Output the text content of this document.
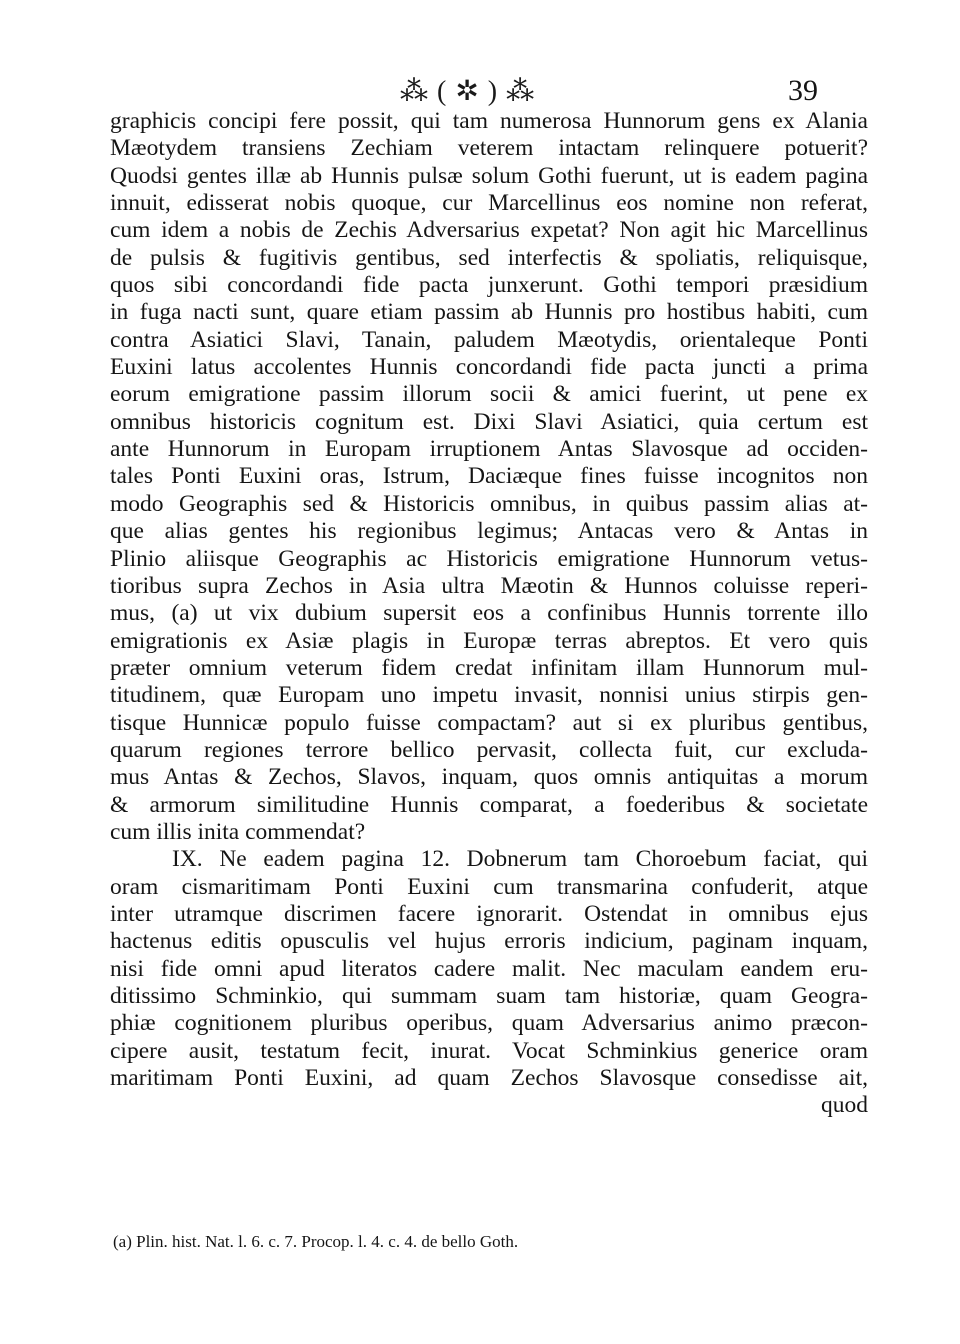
⁂ ( ✲ ) ⁂	39
graphicis concipi fere possit, qui tam numerosa Hunnorum gens ex Alania
Mæotydem transiens Zechiam veterem intactam relinquere potuerit?
Quodsi gentes illæ ab Hunnis pulsæ solum Gothi fuerunt, ut is eadem pagina
innuit, edisserat nobis quoque, cur Marcellinus eos nomine non referat,
cum idem a nobis de Zechis Adversarius expetat? Non agit hic Marcellinus
de pulsis & fugitivis gentibus, sed interfectis & spoliatis, reliquisque,
quos sibi concordandi fide pacta junxerunt. Gothi tempori præsidium
in fuga nacti sunt, quare etiam passim ab Hunnis pro hostibus habiti, cum
contra Asiatici Slavi, Tanain, paludem Mæotydis, orientaleque Ponti
Euxini latus accolentes Hunnis concordandi fide pacta juncti a prima
eorum emigratione passim illorum socii & amici fuerint, ut pene ex
omnibus historicis cognitum est. Dixi Slavi Asiatici, quia certum est
ante Hunnorum in Europam irruptionem Antas Slavosque ad occiden-
tales Ponti Euxini oras, Istrum, Daciæque fines fuisse incognitos non
modo Geographis sed & Historicis omnibus, in quibus passim alias at-
que alias gentes his regionibus legimus; Antacas vero & Antas in
Plinio aliisque Geographis ac Historicis emigratione Hunnorum vetus-
tioribus supra Zechos in Asia ultra Mæotin & Hunnos coluisse reperi-
mus, (a) ut vix dubium supersit eos a confinibus Hunnis torrente illo
emigrationis ex Asiæ plagis in Europæ terras abreptos. Et vero quis
præter omnium veterum fidem credat infinitam illam Hunnorum mul-
titudinem, quæ Europam uno impetu invasit, nonnisi unius stirpis gen-
tisque Hunnicæ populo fuisse compactam? aut si ex pluribus gentibus,
quarum regiones terrore bellico pervasit, collecta fuit, cur excluda-
mus Antas & Zechos, Slavos, inquam, quos omnis antiquitas a morum
& armorum similitudine Hunnis comparat, a foederibus & societate
cum illis inita commendat?
IX. Ne eadem pagina 12. Dobnerum tam Choroebum faciat, qui
oram cismaritimam Ponti Euxini cum transmarina confuderit, atque
inter utramque discrimen facere ignorarit. Ostendat in omnibus ejus
hactenus editis opusculis vel hujus erroris indicium, paginam inquam,
nisi fide omni apud literatos cadere malit. Nec maculam eandem eru-
ditissimo Schminkio, qui summam suam tam historiæ, quam Geogra-
phiæ cognitionem pluribus operibus, quam Adversarius animo præcon-
cipere ausit, testatum fecit, inurat. Vocat Schminkius generice oram
maritimam Ponti Euxini, ad quam Zechos Slavosque consedisse ait,
quod
(a) Plin. hist. Nat. l. 6. c. 7. Procop. l. 4. c. 4. de bello Goth.
